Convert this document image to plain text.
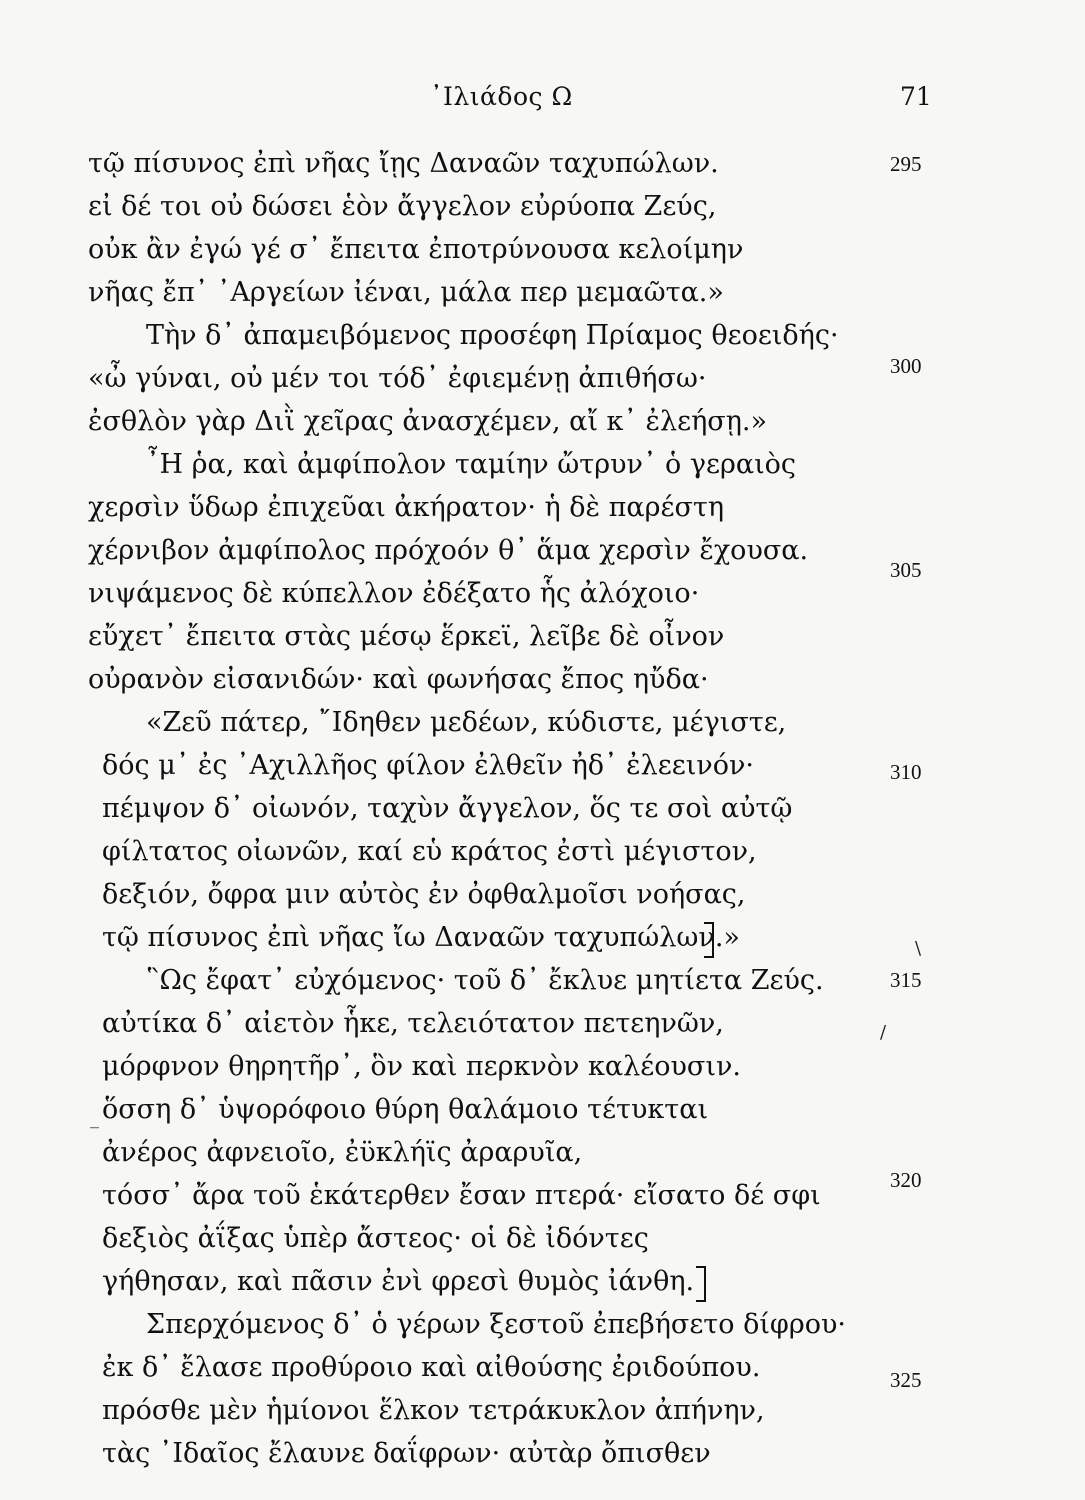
᾽Ιλιάδος Ω	71
τῷ πίσυνος ἐπὶ νῆας ἴῃς Δαναῶν ταχυπώλων.	295
εἰ δέ τοι οὐ δώσει ἑὸν ἄγγελον εὐρύοπα Ζεύς,
οὐκ ἂν ἐγώ γέ σ᾽ ἔπειτα ἐποτρύνουσα κελοίμην
νῆας ἔπ᾽ ᾽Αργείων ἰέναι, μάλα περ μεμαῶτα.»
Τὴν δ᾽ ἀπαμειβόμενος προσέφη Πρίαμος θεοειδής·
«ὦ γύναι, οὐ μέν τοι τόδ᾽ ἐφιεμένῃ ἀπιθήσω·	300
ἐσθλὸν γὰρ Διῒ χεῖρας ἀνασχέμεν, αἴ κ᾽ ἐλεήσῃ.»
῏Η ῥα, καὶ ἀμφίπολον ταμίην ὤτρυν᾽ ὁ γεραιὸς
χερσὶν ὕδωρ ἐπιχεῦαι ἀκήρατον· ἡ δὲ παρέστη
χέρνιβον ἀμφίπολος πρόχοόν θ᾽ ἅμα χερσὶν ἔχουσα.
νιψάμενος δὲ κύπελλον ἐδέξατο ἧς ἀλόχοιο·
305
εὔχετ᾽ ἔπειτα στὰς μέσῳ ἕρκεϊ, λεῖβε δὲ οἶνον
οὐρανὸν εἰσανιδών· καὶ φωνήσας ἔπος ηὔδα·
«Ζεῦ πάτερ, ῎Ιδηθεν μεδέων, κύδιστε, μέγιστε,
δός μ᾽ ἐς ᾽Αχιλλῆος φίλον ἐλθεῖν ἠδ᾽ ἐλεεινόν·
πέμψον δ᾽ οἰωνόν, ταχὺν ἄγγελον, ὅς τε σοὶ αὐτῷ
310
φίλτατος οἰωνῶν, καί εὑ κράτος ἐστὶ μέγιστον,
δεξιόν, ὄφρα μιν αὐτὸς ἐν ὀφθαλμοῖσι νοήσας,
τῷ πίσυνος ἐπὶ νῆας ἴω Δαναῶν ταχυπώλων.»
῝Ως ἔφατ᾽ εὐχόμενος· τοῦ δ᾽ ἔκλυε μητίετα Ζεύς.
αὐτίκα δ᾽ αἰετὸν ἧκε, τελειότατον πετεηνῶν,
315
μόρφνον θηρητῆρ᾽, ὃν καὶ περκνὸν καλέουσιν.
ὅσση δ᾽ ὑψορόφοιο θύρη θαλάμοιο τέτυκται
ἀνέρος ἀφνειοῖο, ἐϋκλήϊς ἀραρυῖα,
τόσσ᾽ ἄρα τοῦ ἑκάτερθεν ἔσαν πτερά· εἴσατο δέ σφι
δεξιὸς ἀΐξας ὑπὲρ ἄστεος· οἱ δὲ ἰδόντες
320
γήθησαν, καὶ πᾶσιν ἐνὶ φρεσὶ θυμὸς ἰάνθη.
Σπερχόμενος δ᾽ ὁ γέρων ξεστοῦ ἐπεβήσετο δίφρου·
ἐκ δ᾽ ἔλασε προθύροιο καὶ αἰθούσης ἐριδούπου.
πρόσθε μὲν ἡμίονοι ἕλκον τετράκυκλον ἀπήνην,
τὰς ᾽Ιδαῖος ἔλαυνε δαΐφρων· αὐτὰρ ὄπισθεν
325
\
/
_
